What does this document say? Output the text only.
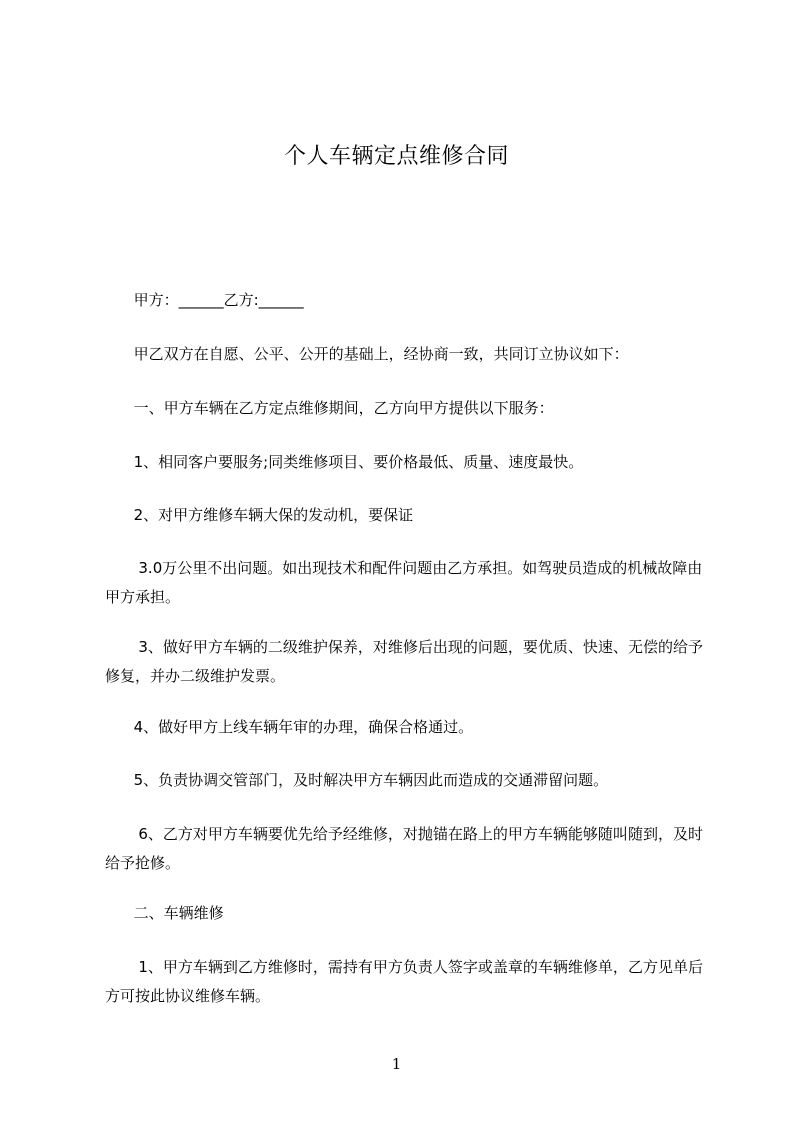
个人车辆定点维修合同

甲方：______乙方:______

甲乙双方在自愿、公平、公开的基础上，经协商一致，共同订立协议如下：

一、甲方车辆在乙方定点维修期间，乙方向甲方提供以下服务：

1、相同客户要服务;同类维修项目、要价格最低、质量、速度最快。

2、对甲方维修车辆大保的发动机，要保证

3.0万公里不出问题。如出现技术和配件问题由乙方承担。如驾驶员造成的机械故障由甲方承担。

3、做好甲方车辆的二级维护保养，对维修后出现的问题，要优质、快速、无偿的给予修复，并办二级维护发票。

4、做好甲方上线车辆年审的办理，确保合格通过。

5、负责协调交管部门，及时解决甲方车辆因此而造成的交通滞留问题。

6、乙方对甲方车辆要优先给予经维修，对抛锚在路上的甲方车辆能够随叫随到，及时给予抢修。

二、车辆维修

1、甲方车辆到乙方维修时，需持有甲方负责人签字或盖章的车辆维修单，乙方见单后方可按此协议维修车辆。

1
